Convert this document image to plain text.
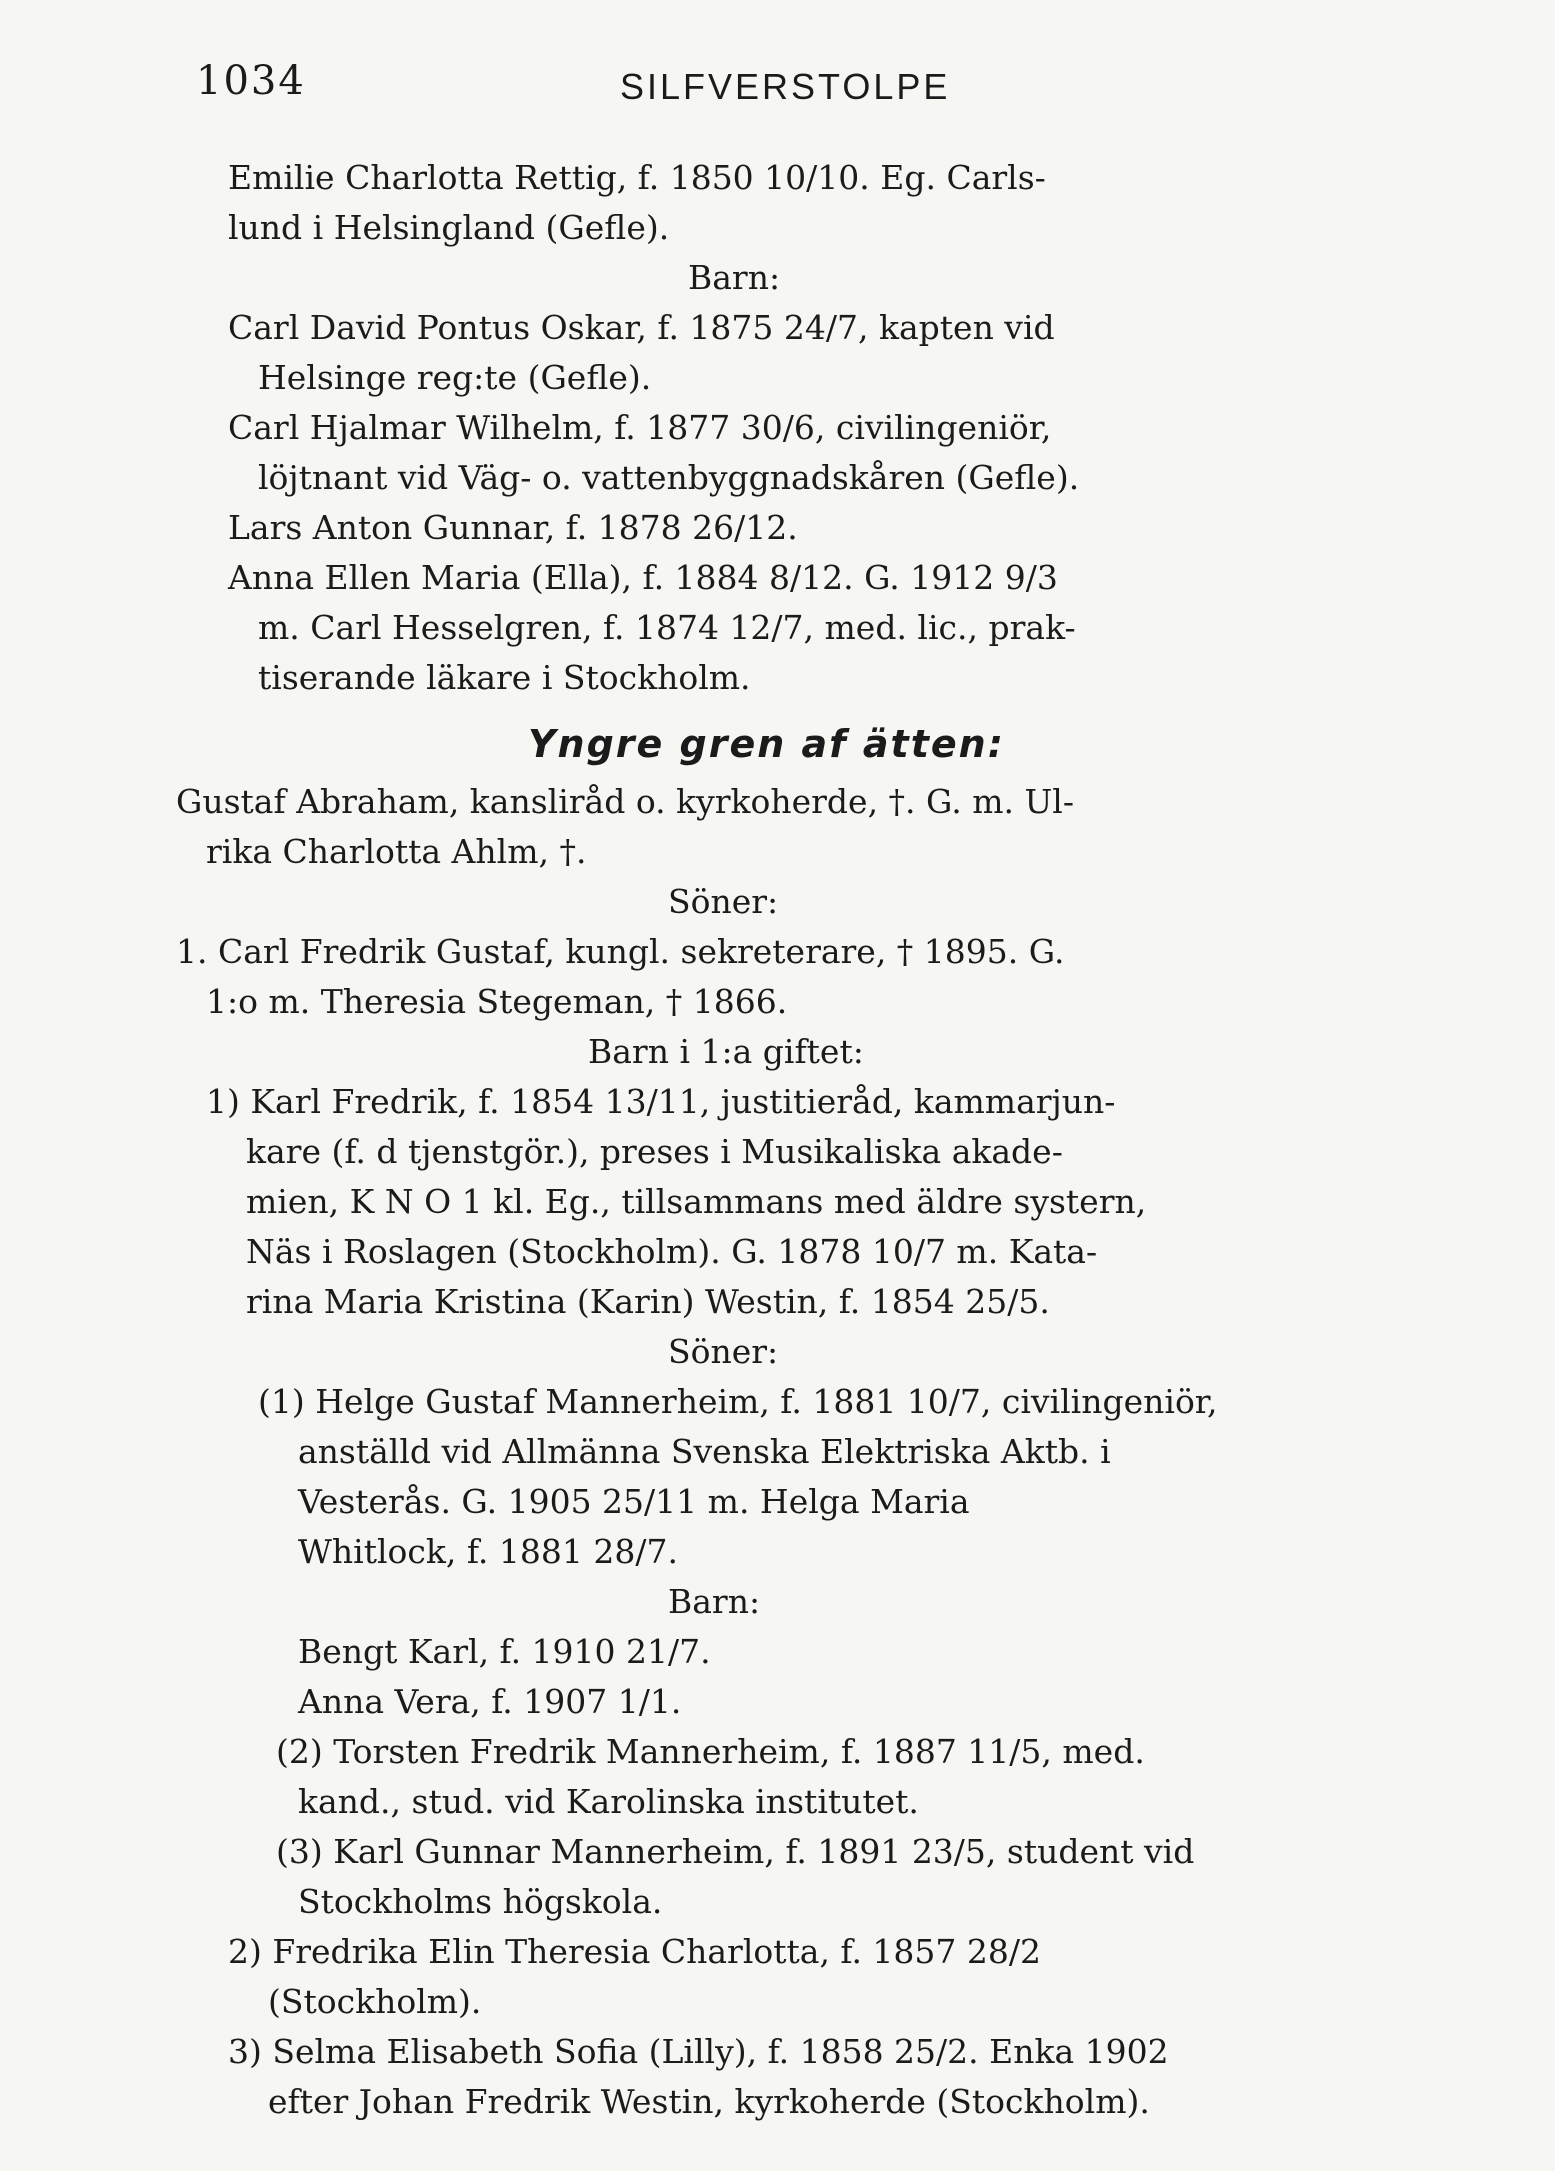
1034	SILFVERSTOLPE
Emilie Charlotta Rettig, f. 1850 10/10. Eg. Carls-
lund i Helsingland (Gefle).
Barn:
Carl David Pontus Oskar, f. 1875 24/7, kapten vid
Helsinge reg:te (Gefle).
Carl Hjalmar Wilhelm, f. 1877 30/6, civilingeniör,
löjtnant vid Väg- o. vattenbyggnadskåren (Gefle).
Lars Anton Gunnar, f. 1878 26/12.
Anna Ellen Maria (Ella), f. 1884 8/12. G. 1912 9/3
m. Carl Hesselgren, f. 1874 12/7, med. lic., prak-
tiserande läkare i Stockholm.
Yngre gren af ätten:
Gustaf Abraham, kansliråd o. kyrkoherde, †. G. m. Ul-
rika Charlotta Ahlm, †.
Söner:
1. Carl Fredrik Gustaf, kungl. sekreterare, † 1895. G.
1:o m. Theresia Stegeman, † 1866.
Barn i 1:a giftet:
1) Karl Fredrik, f. 1854 13/11, justitieråd, kammarjun-
kare (f. d tjenstgör.), preses i Musikaliska akade-
mien, K N O 1 kl. Eg., tillsammans med äldre systern,
Näs i Roslagen (Stockholm). G. 1878 10/7 m. Kata-
rina Maria Kristina (Karin) Westin, f. 1854 25/5.
Söner:
(1) Helge Gustaf Mannerheim, f. 1881 10/7, civilingeniör,
anställd vid Allmänna Svenska Elektriska Aktb. i
Vesterås. G. 1905 25/11 m. Helga Maria
Whitlock, f. 1881 28/7.
Barn:
Bengt Karl, f. 1910 21/7.
Anna Vera, f. 1907 1/1.
(2) Torsten Fredrik Mannerheim, f. 1887 11/5, med.
kand., stud. vid Karolinska institutet.
(3) Karl Gunnar Mannerheim, f. 1891 23/5, student vid
Stockholms högskola.
2) Fredrika Elin Theresia Charlotta, f. 1857 28/2
(Stockholm).
3) Selma Elisabeth Sofia (Lilly), f. 1858 25/2. Enka 1902
efter Johan Fredrik Westin, kyrkoherde (Stockholm).
